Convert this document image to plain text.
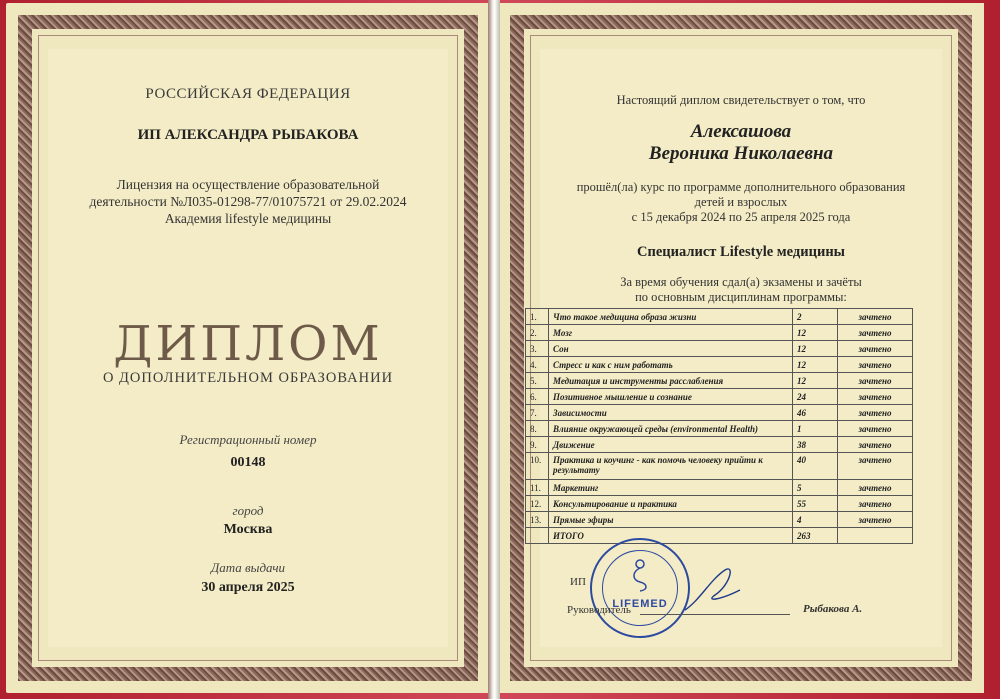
РОССИЙСКАЯ ФЕДЕРАЦИЯ
ИП АЛЕКСАНДРА РЫБАКОВА
Лицензия на осуществление образовательной
деятельности №Л035-01298-77/01075721 от 29.02.2024
Академия lifestyle медицины
ДИПЛОМ
О ДОПОЛНИТЕЛЬНОМ ОБРАЗОВАНИИ
Регистрационный номер
00148
город
Москва
Дата выдачи
30 апреля 2025
Настоящий диплом свидетельствует о том, что
Алексашова
Вероника Николаевна
прошёл(ла) курс по программе дополнительного образования
детей и взрослых
с 15 декабря 2024 по 25 апреля 2025 года
Специалист Lifestyle медицины
За время обучения сдал(а) экзамены и зачёты
по основным дисциплинам программы:
1.	Что такое медицина образа жизни	2	зачтено
2.	Мозг	12	зачтено
3.	Сон	12	зачтено
4.	Стресс и как с ним работать	12	зачтено
5.	Медитация и инструменты расслабления	12	зачтено
6.	Позитивное мышление и сознание	24	зачтено
7.	Зависимости	46	зачтено
8.	Влияние окружающей среды (environmental Health)	1	зачтено
9.	Движение	38	зачтено
10.	Практика и коучинг - как помочь человеку прийти к результату	40	зачтено
11.	Маркетинг	5	зачтено
12.	Консультирование и практика	55	зачтено
13.	Прямые эфиры	4	зачтено
	ИТОГО	263	
LIFEMED
ИП
Руководитель	Рыбакова А.
